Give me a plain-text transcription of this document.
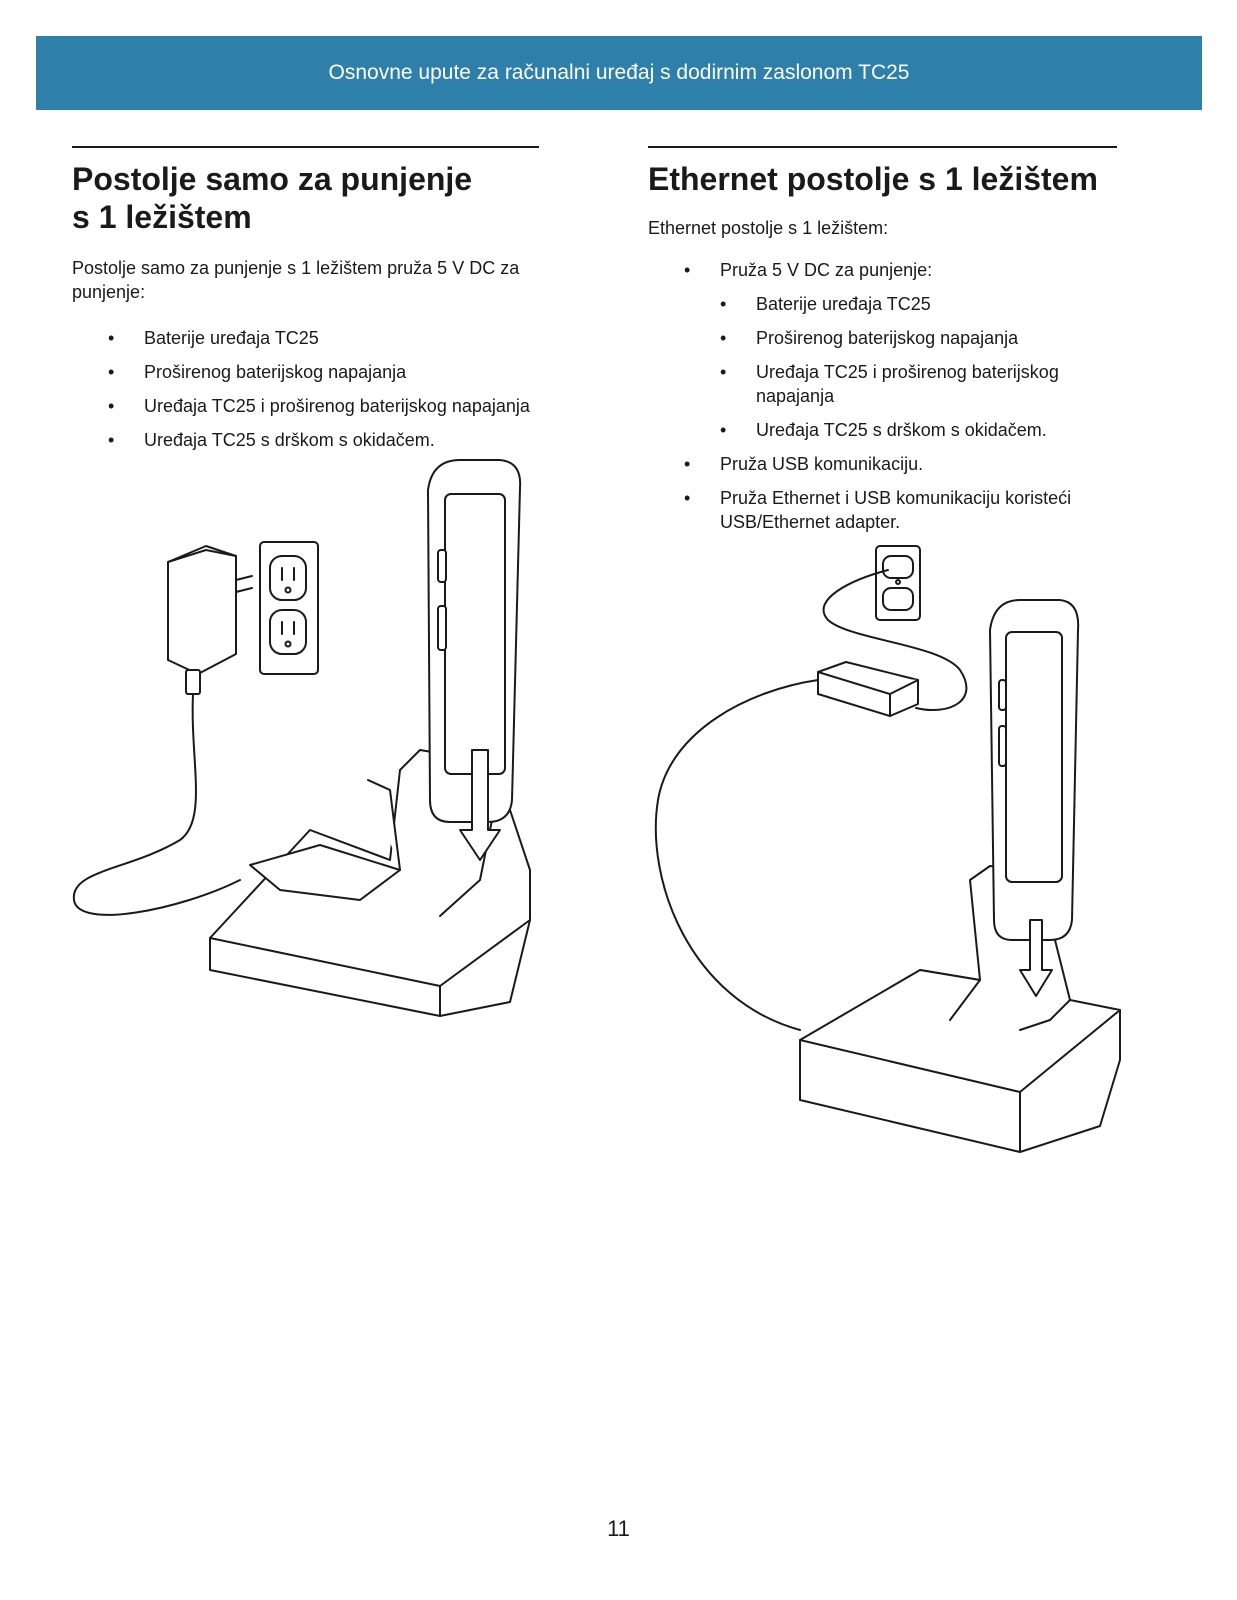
Osnovne upute za računalni uređaj s dodirnim zaslonom TC25
Postolje samo za punjenje
s 1 ležištem

Postolje samo za punjenje s 1 ležištem pruža 5 V DC za
punjenje:

• Baterije uređaja TC25
• Proširenog baterijskog napajanja
• Uređaja TC25 i proširenog baterijskog napajanja
• Uređaja TC25 s drškom s okidačem.
Ethernet postolje s 1 ležištem

Ethernet postolje s 1 ležištem:

• Pruža 5 V DC za punjenje:
• Baterije uređaja TC25
• Proširenog baterijskog napajanja
• Uređaja TC25 i proširenog baterijskog
napajanja
• Uređaja TC25 s drškom s okidačem.
• Pruža USB komunikaciju.
• Pruža Ethernet i USB komunikaciju koristeći
USB/Ethernet adapter.
11
